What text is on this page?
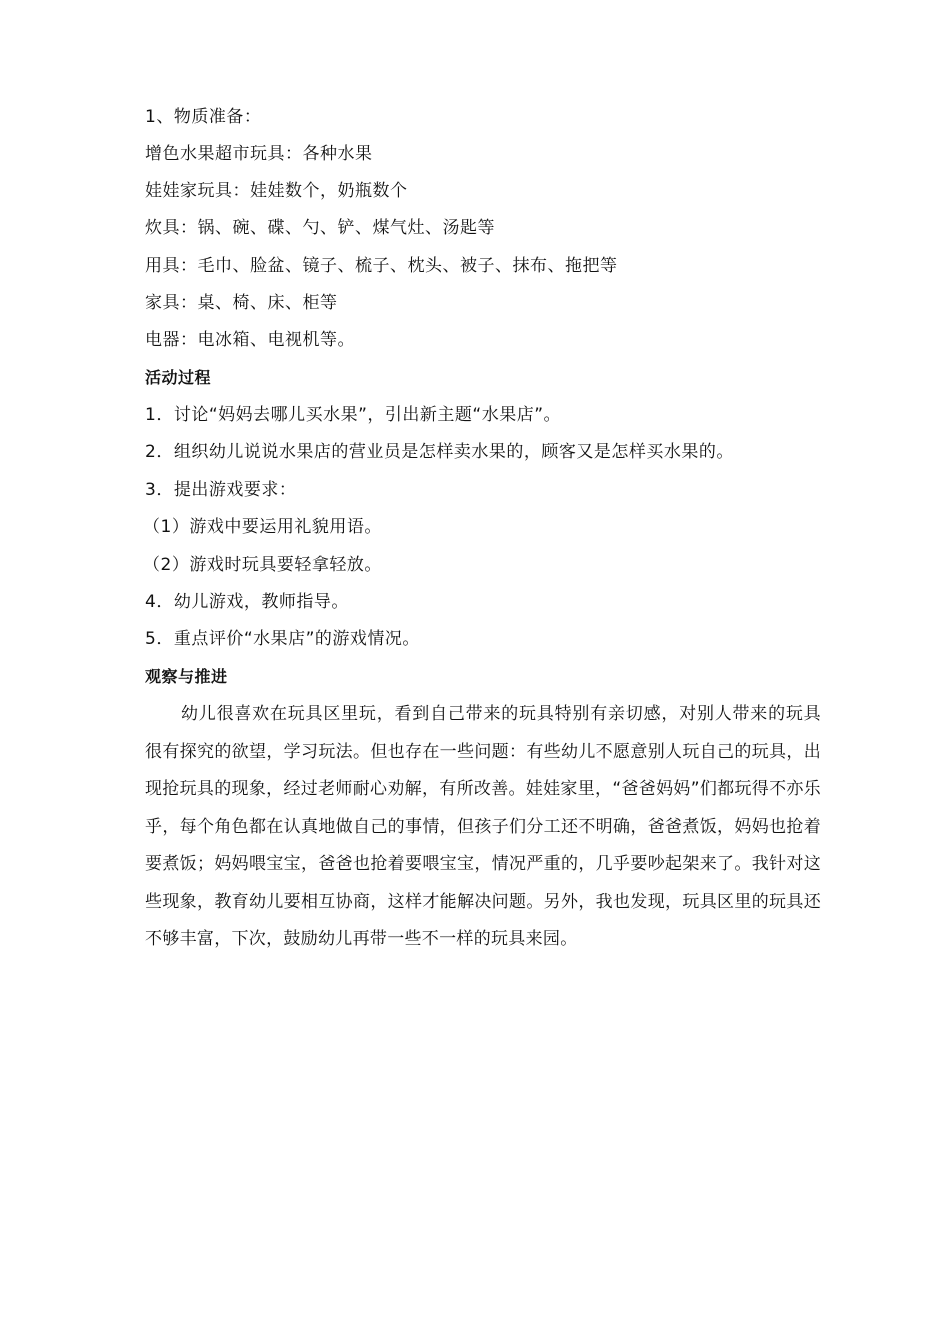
1、物质准备：
增色水果超市玩具：各种水果
娃娃家玩具：娃娃数个，奶瓶数个
炊具：锅、碗、碟、勺、铲、煤气灶、汤匙等
用具：毛巾、脸盆、镜子、梳子、枕头、被子、抹布、拖把等
家具：桌、椅、床、柜等
电器：电冰箱、电视机等。
活动过程
1．讨论“妈妈去哪儿买水果”，引出新主题“水果店”。
2．组织幼儿说说水果店的营业员是怎样卖水果的，顾客又是怎样买水果的。
3．提出游戏要求：
（1）游戏中要运用礼貌用语。
（2）游戏时玩具要轻拿轻放。
4．幼儿游戏，教师指导。
5．重点评价“水果店”的游戏情况。
观察与推进
幼儿很喜欢在玩具区里玩，看到自己带来的玩具特别有亲切感，对别人带来的玩具很有探究的欲望，学习玩法。但也存在一些问题：有些幼儿不愿意别人玩自己的玩具，出现抢玩具的现象，经过老师耐心劝解，有所改善。娃娃家里，“爸爸妈妈”们都玩得不亦乐乎，每个角色都在认真地做自己的事情，但孩子们分工还不明确，爸爸煮饭，妈妈也抢着要煮饭；妈妈喂宝宝，爸爸也抢着要喂宝宝，情况严重的，几乎要吵起架来了。我针对这些现象，教育幼儿要相互协商，这样才能解决问题。另外，我也发现，玩具区里的玩具还不够丰富，下次，鼓励幼儿再带一些不一样的玩具来园。
